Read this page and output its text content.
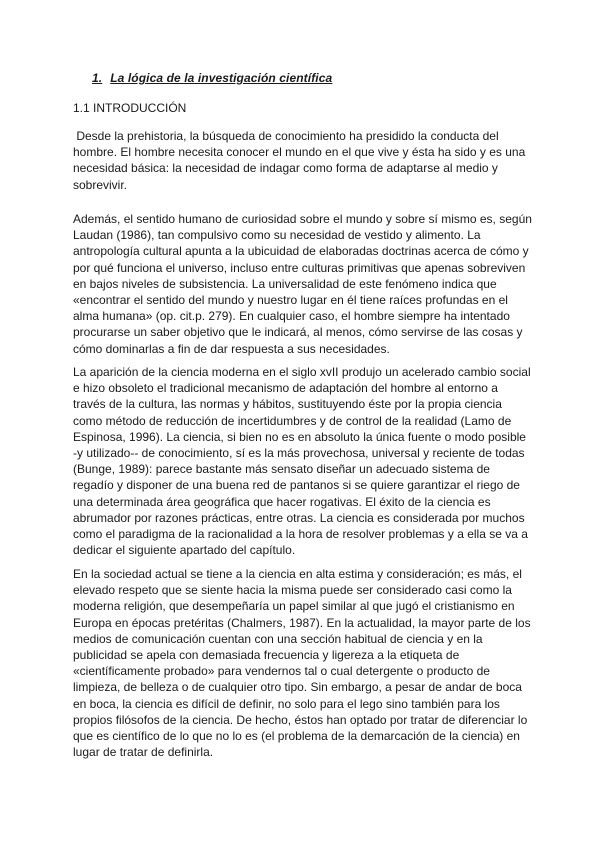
1. La lógica de la investigación científica
1.1 INTRODUCCIÓN

Desde la prehistoria, la búsqueda de conocimiento ha presidido la conducta del hombre. El hombre necesita conocer el mundo en el que vive y ésta ha sido y es una necesidad básica: la necesidad de indagar como forma de adaptarse al medio y sobrevivir.

Además, el sentido humano de curiosidad sobre el mundo y sobre sí mismo es, según Laudan (1986), tan compulsivo como su necesidad de vestido y alimento. La antropología cultural apunta a la ubicuidad de elaboradas doctrinas acerca de cómo y por qué funciona el universo, incluso entre culturas primitivas que apenas sobreviven en bajos niveles de subsistencia. La universalidad de este fenómeno indica que «encontrar el sentido del mundo y nuestro lugar en él tiene raíces profundas en el alma humana» (op. cit.p. 279). En cualquier caso, el hombre siempre ha intentado procurarse un saber objetivo que le indicará, al menos, cómo servirse de las cosas y cómo dominarlas a fin de dar respuesta a sus necesidades.

La aparición de la ciencia moderna en el siglo xvII produjo un acelerado cambio social e hizo obsoleto el tradicional mecanismo de adaptación del hombre al entorno a través de la cultura, las normas y hábitos, sustituyendo éste por la propia ciencia como método de reducción de incertidumbres y de control de la realidad (Lamo de Espinosa, 1996). La ciencia, si bien no es en absoluto la única fuente o modo posible -y utilizado-- de conocimiento, sí es la más provechosa, universal y reciente de todas (Bunge, 1989): parece bastante más sensato diseñar un adecuado sistema de regadío y disponer de una buena red de pantanos si se quiere garantizar el riego de una determinada área geográfica que hacer rogativas. El éxito de la ciencia es abrumador por razones prácticas, entre otras. La ciencia es considerada por muchos como el paradigma de la racionalidad a la hora de resolver problemas y a ella se va a dedicar el siguiente apartado del capítulo.

En la sociedad actual se tiene a la ciencia en alta estima y consideración; es más, el elevado respeto que se siente hacia la misma puede ser considerado casi como la moderna religión, que desempeñaría un papel similar al que jugó el cristianismo en Europa en épocas pretéritas (Chalmers, 1987). En la actualidad, la mayor parte de los medios de comunicación cuentan con una sección habitual de ciencia y en la publicidad se apela con demasiada frecuencia y ligereza a la etiqueta de «científicamente probado» para vendernos tal o cual detergente o producto de limpieza, de belleza o de cualquier otro tipo. Sin embargo, a pesar de andar de boca en boca, la ciencia es difícil de definir, no solo para el lego sino también para los propios filósofos de la ciencia. De hecho, éstos han optado por tratar de diferenciar lo que es científico de lo que no lo es (el problema de la demarcación de la ciencia) en lugar de tratar de definirla.
